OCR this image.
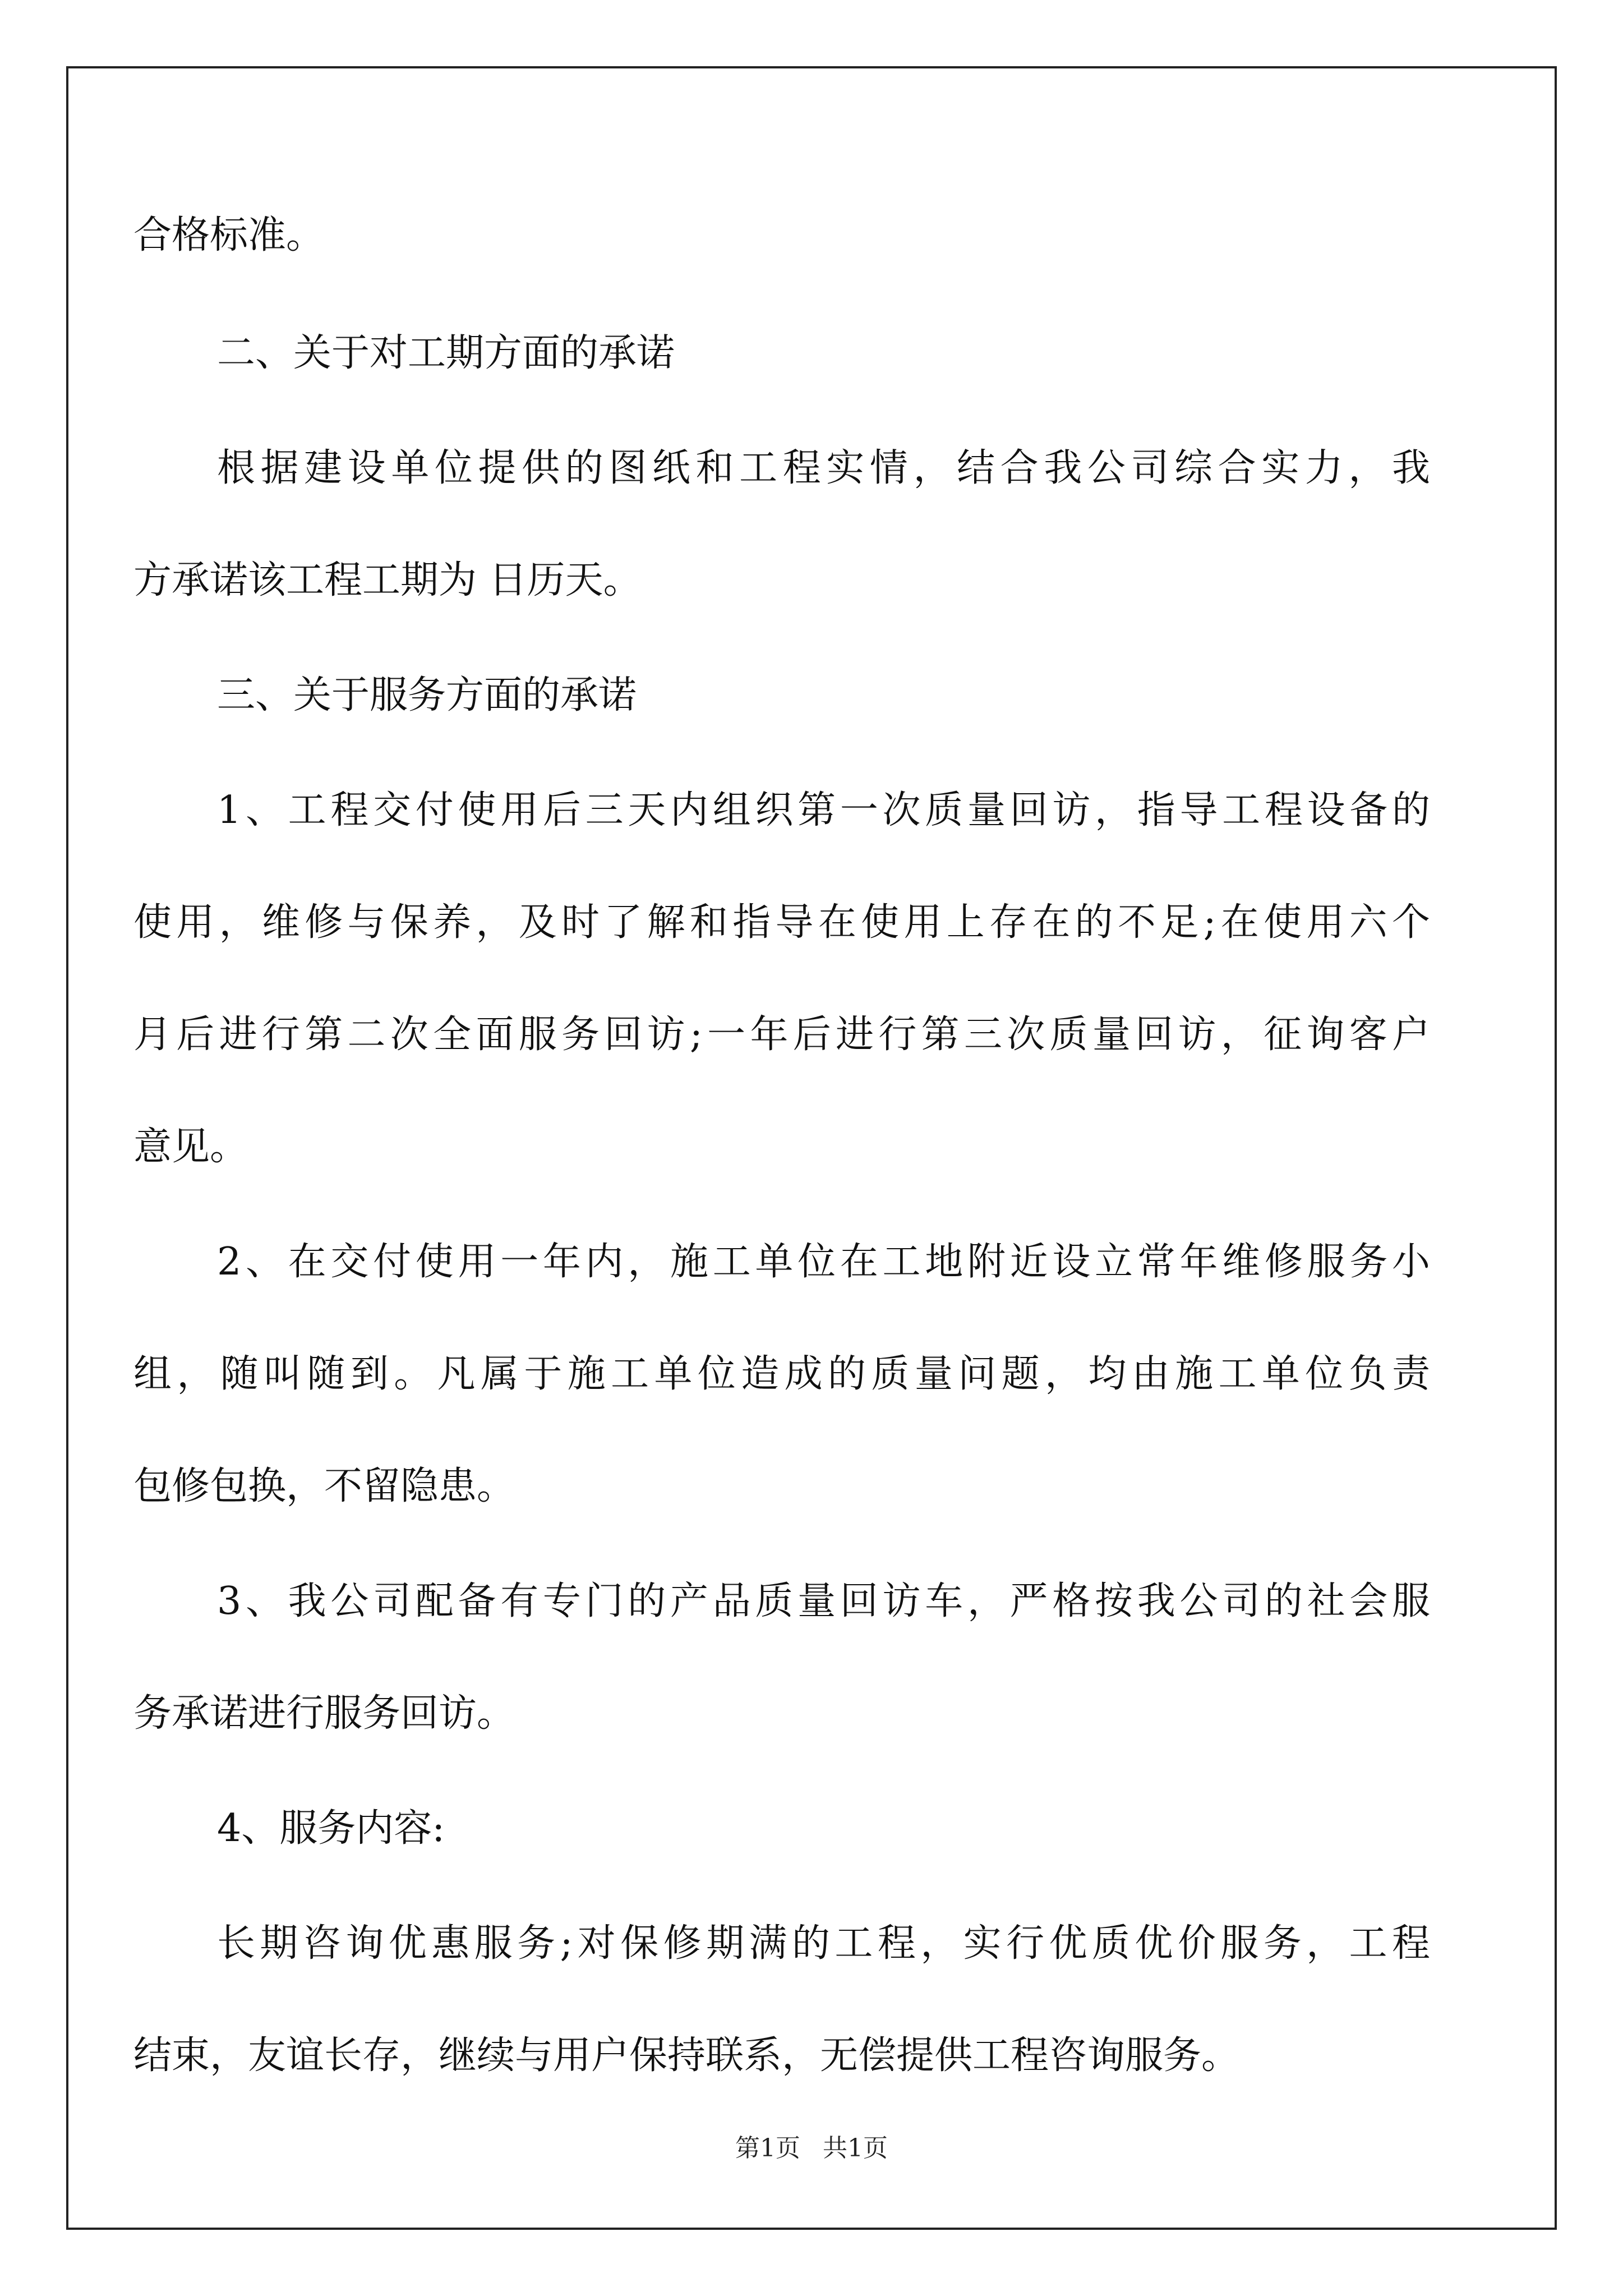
合格标准。
二、关于对工期方面的承诺
根据建设单位提供的图纸和工程实情，结合我公司综合实力，我
方承诺该工程工期为 日历天。
三、关于服务方面的承诺
1、工程交付使用后三天内组织第一次质量回访，指导工程设备的
使用，维修与保养，及时了解和指导在使用上存在的不足;在使用六个
月后进行第二次全面服务回访;一年后进行第三次质量回访，征询客户
意见。
2、在交付使用一年内，施工单位在工地附近设立常年维修服务小
组，随叫随到。凡属于施工单位造成的质量问题，均由施工单位负责
包修包换，不留隐患。
3、我公司配备有专门的产品质量回访车，严格按我公司的社会服
务承诺进行服务回访。
4、服务内容:
长期咨询优惠服务;对保修期满的工程，实行优质优价服务，工程
结束，友谊长存，继续与用户保持联系，无偿提供工程咨询服务。
第1页 共1页
